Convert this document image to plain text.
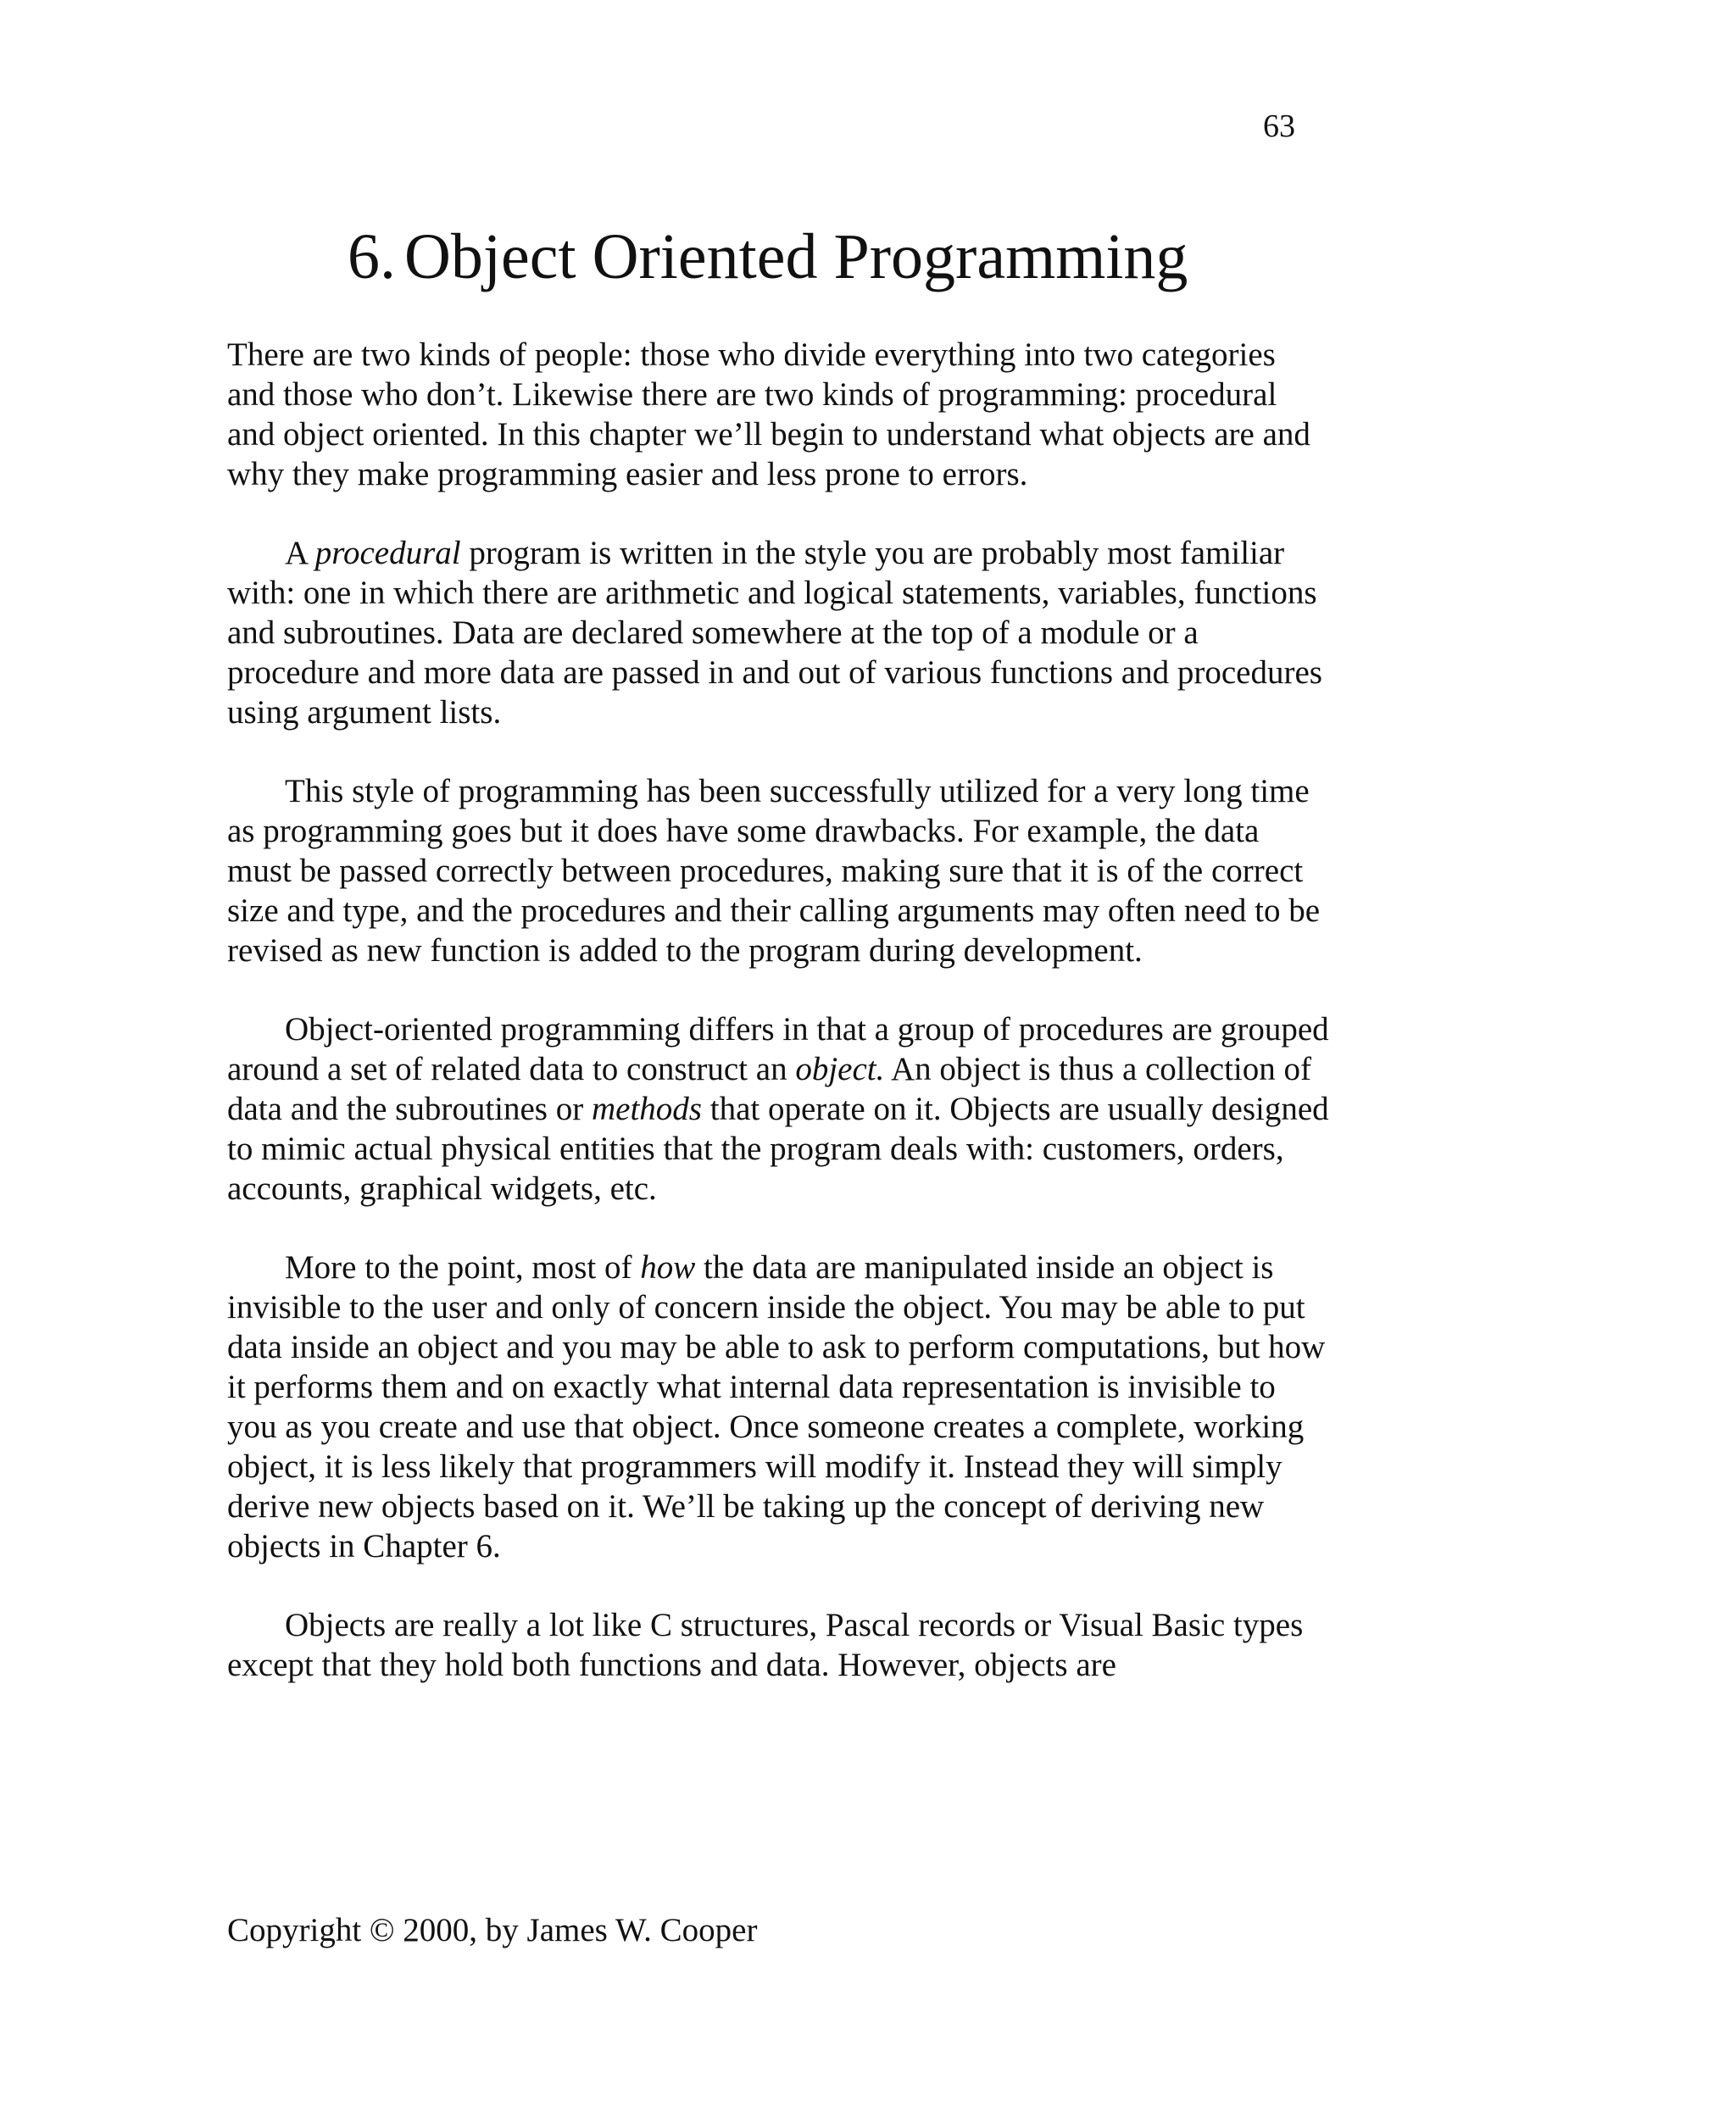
63
6. Object Oriented Programming

There are two kinds of people: those who divide everything into two categories and those who don’t. Likewise there are two kinds of programming: procedural and object oriented. In this chapter we’ll begin to understand what objects are and why they make programming easier and less prone to errors.

A procedural program is written in the style you are probably most familiar with: one in which there are arithmetic and logical statements, variables, functions and subroutines. Data are declared somewhere at the top of a module or a procedure and more data are passed in and out of various functions and procedures using argument lists.

This style of programming has been successfully utilized for a very long time as programming goes but it does have some drawbacks. For example, the data must be passed correctly between procedures, making sure that it is of the correct size and type, and the procedures and their calling arguments may often need to be revised as new function is added to the program during development.

Object-oriented programming differs in that a group of procedures are grouped around a set of related data to construct an object. An object is thus a collection of data and the subroutines or methods that operate on it. Objects are usually designed to mimic actual physical entities that the program deals with: customers, orders, accounts, graphical widgets, etc.

More to the point, most of how the data are manipulated inside an object is invisible to the user and only of concern inside the object. You may be able to put data inside an object and you may be able to ask to perform computations, but how it performs them and on exactly what internal data representation is invisible to you as you create and use that object. Once someone creates a complete, working object, it is less likely that programmers will modify it. Instead they will simply derive new objects based on it. We’ll be taking up the concept of deriving new objects in Chapter 6.

Objects are really a lot like C structures, Pascal records or Visual Basic types except that they hold both functions and data. However, objects are

Copyright © 2000, by James W. Cooper
